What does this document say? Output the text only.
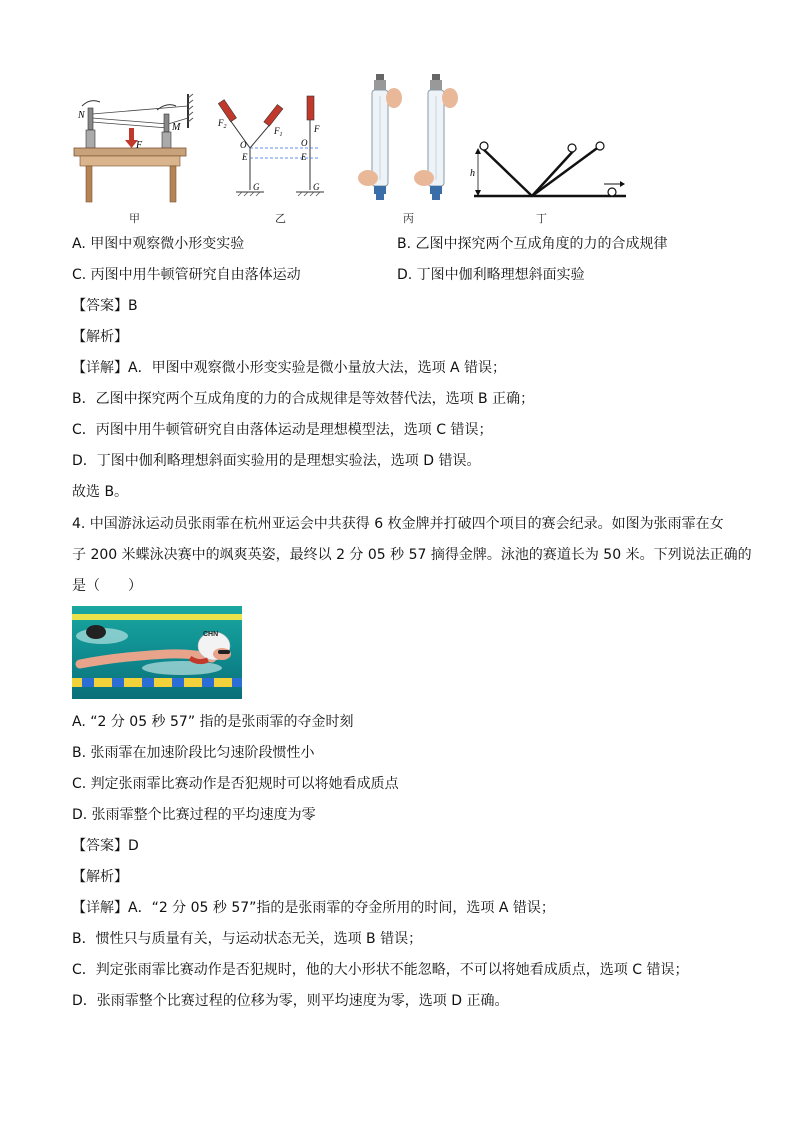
N
M
F
甲
$F_2$	$F_1$
O
E
G
F
O
E
G
乙	丙
h
丁
A. 甲图中观察微小形变实验	B. 乙图中探究两个互成角度的力的合成规律
C. 丙图中用牛顿管研究自由落体运动	D. 丁图中伽利略理想斜面实验
【答案】B
【解析】
【详解】A．甲图中观察微小形变实验是微小量放大法，选项 A 错误；
B．乙图中探究两个互成角度的力的合成规律是等效替代法，选项 B 正确；
C．丙图中用牛顿管研究自由落体运动是理想模型法，选项 C 错误；
D．丁图中伽利略理想斜面实验用的是理想实验法，选项 D 错误。
故选 B。
4. 中国游泳运动员张雨霏在杭州亚运会中共获得 6 枚金牌并打破四个项目的赛会纪录。如图为张雨霏在女
子 200 米蝶泳决赛中的飒爽英姿，最终以 2 分 05 秒 57 摘得金牌。泳池的赛道长为 50 米。下列说法正确的
是（　　）
CHN
A. “2 分 05 秒 57” 指的是张雨霏的夺金时刻
B. 张雨霏在加速阶段比匀速阶段惯性小
C. 判定张雨霏比赛动作是否犯规时可以将她看成质点
D. 张雨霏整个比赛过程的平均速度为零
【答案】D
【解析】
【详解】A．“2 分 05 秒 57”指的是张雨霏的夺金所用的时间，选项 A 错误；
B．惯性只与质量有关，与运动状态无关，选项 B 错误；
C．判定张雨霏比赛动作是否犯规时，他的大小形状不能忽略，不可以将她看成质点，选项 C 错误；
D．张雨霏整个比赛过程的位移为零，则平均速度为零，选项 D 正确。
